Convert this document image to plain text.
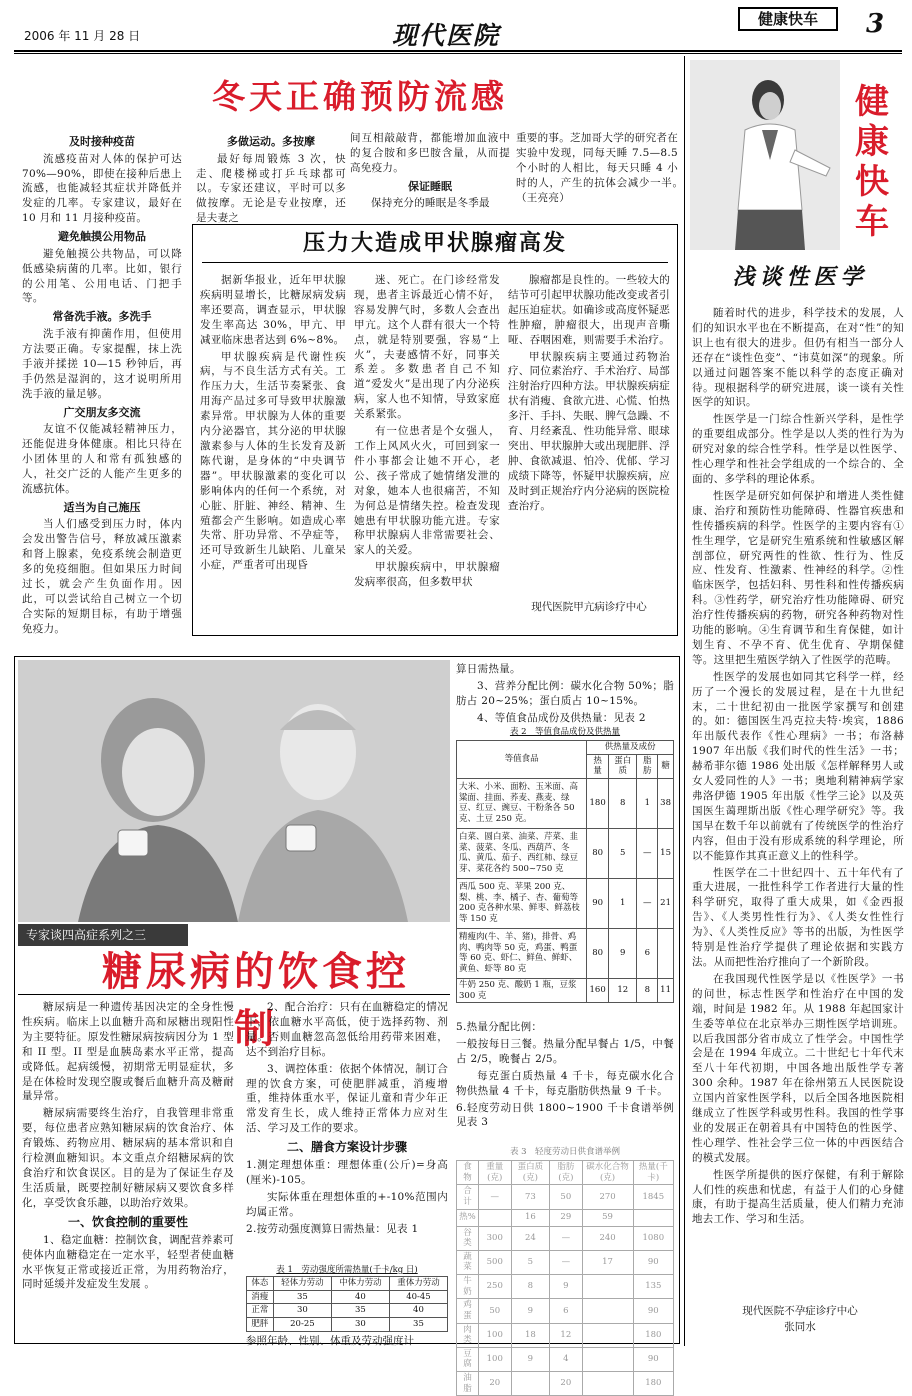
2006 年 11 月 28 日	现代医院
健康快车	3
冬天正确预防流感
及时接种疫苗

流感疫苗对人体的保护可达 70%—90%，即使在接种后患上流感，也能减轻其症状并降低并发症的几率。专家建议，最好在 10 月和 11 月接种疫苗。

避免触摸公用物品

避免触摸公共物品，可以降低感染病菌的几率。比如，银行的公用笔、公用电话、门把手等。

常备洗手液。多洗手

洗手液有抑菌作用，但使用方法要正确。专家提醒，抹上洗手液并揉搓 10—15 秒钟后，再手仍然是湿润的，这才说明所用洗手液的量足够。

广交朋友多交流

友谊不仅能减轻精神压力，还能促进身体健康。相比只待在小团体里的人和常有孤独感的人，社交广泛的人能产生更多的流感抗体。

适当为自己施压

当人们感受到压力时，体内会发出警告信号，释放减压激素和肾上腺素，免疫系统会制造更多的免疫细胞。但如果压力时间过长，就会产生负面作用。因此，可以尝试给自己树立一个切合实际的短期目标，有助于增强免疫力。

多做运动。多按摩

最好每周锻炼 3 次，快走、爬楼梯或打乒乓球都可以。专家还建议，平时可以多做按摩。无论是专业按摩，还是夫妻之

间互相敲敲背，都能增加血液中的复合胺和多巴胺含量，从而提高免疫力。

保证睡眠

保持充分的睡眠是冬季最

重要的事。芝加哥大学的研究者在实验中发现，同每天睡 7.5—8.5 个小时的人相比，每天只睡 4 小时的人，产生的抗体会减少一半。　（王亮亮）

压力大造成甲状腺瘤高发

据新华报业，近年甲状腺疾病明显增长，比糖尿病发病率还要高，调查显示，甲状腺发生率高达 30%，甲亢、甲减亚临床患者达到 6%~8%。

甲状腺疾病是代谢性疾病，与不良生活方式有关。工作压力大，生活节奏紧张、食用海产品过多可导致甲状腺激素异常。甲状腺为人体的重要内分泌器官，其分泌的甲状腺激素参与人体的生长发育及新陈代谢，是身体的“中央调节器”。甲状腺激素的变化可以影响体内的任何一个系统，对心脏、肝脏、神经、精神、生殖都会产生影响。如造成心率失常、肝功异常、不孕症等，还可导致新生儿缺陷、儿童呆小症，严重者可出现昏

迷、死亡。在门诊经常发现，患者主诉最近心情不好，容易发脾气时，多数人会查出甲亢。这个人群有很大一个特点，就是特别要强，容易“上火”，夫妻感情不好，同事关系差。多数患者自己不知道“爱发火”是出现了内分泌疾病，家人也不知情，导致家庭关系紧张。

有一位患者是个女强人，工作上风风火火，可回到家一件小事都会让她不开心，老公、孩子常成了她情绪发泄的对象，她本人也很痛苦，不知为何总是情绪失控。检查发现她患有甲状腺功能亢进。专家称甲状腺病人非常需要社会、家人的关爱。

甲状腺疾病中，甲状腺瘤发病率很高，但多数甲状

腺瘤都是良性的。一些较大的结节可引起甲状腺功能改变或者引起压迫症状。如确诊或高度怀疑恶性肿瘤，肿瘤很大，出现声音嘶哑、吞咽困难，则需要手术治疗。

甲状腺疾病主要通过药物治疗、同位素治疗、手术治疗、局部注射治疗四种方法。甲状腺疾病症状有消瘦、食欲亢进、心慌、怕热多汗、手抖、失眠、脾气急躁、不育、月经紊乱、性功能异常、眼球突出、甲状腺肿大或出现肥胖、浮肿、食欲减退、怕冷、优郁、学习成绩下降等，怀疑甲状腺疾病，应及时到正规治疗内分泌病的医院检查治疗。

现代医院甲亢病诊疗中心
健
康
快
车
浅谈性医学

随着时代的进步，科学技术的发展，人们的知识水平也在不断提高，在对“性”的知识上也有很大的进步。但仍有相当一部分人还存在“谈性色变”、“讳莫如深”的现象。所以通过问题答案不能以科学的态度正确对待。现根据科学的研究进展，谈一谈有关性医学的知识。

性医学是一门综合性新兴学科，是性学的重要组成部分。性学是以人类的性行为为研究对象的综合性学科。性学是以性医学、性心理学和性社会学组成的一个综合的、全面的、多学科的理论体系。

性医学是研究如何保护和增进人类性健康、治疗和预防性功能障碍、性器官疾患和性传播疾病的科学。性医学的主要内容有①性生理学，它是研究生殖系统和性敏感区解剖部位，研究两性的性欲、性行为、性反应、性发育、性激素、性神经的科学。②性临床医学，包括妇科、男性科和性传播疾病科。③性药学，研究治疗性功能障碍、研究治疗性传播疾病的药物，研究各种药物对性功能的影响。④生育调节和生育保健，如计划生育、不孕不育、优生优育、孕期保健等。这里把生殖医学纳入了性医学的范畴。

性医学的发展也如同其它科学一样，经历了一个漫长的发展过程，是在十九世纪末，二十世纪初由一批医学家撰写和创建的。如：德国医生冯克拉夫特·埃宾，1886 年出版代表作《性心理病》一书；布洛赫 1907 年出版《我们时代的性生活》一书；赫希菲尔德 1986 处出版《怎样解释男人或女人爱同性的人》一书；奥地利精神病学家弗洛伊德 1905 年出版《性学三论》以及英国医生蔼理斯出版《性心理学研究》等。我国早在数千年以前就有了传统医学的性治疗内容，但由于没有形成系统的科学理论，所以不能算作其真正意义上的性科学。

性医学在二十世纪四十、五十年代有了重大进展，一批性科学工作者进行大量的性科学研究，取得了重大成果，如《金西报告》、《人类男性性行为》、《人类女性性行为》、《人类性反应》等书的出版，为性医学特别是性治疗学提供了理论依据和实践方法。从而把性治疗推向了一个新阶段。

在我国现代性医学是以《性医学》一书的问世，标志性医学和性治疗在中国的发端，时间是 1982 年。从 1988 年起国家计生委等单位在北京举办三期性医学培训班。以后我国部分省市成立了性学会。中国性学会是在 1994 年成立。二十世纪七十年代末至八十年代初期，中国各地出版性学专著 300 余种。1987 年在徐州第五人民医院设立国内首家性医学科，以后全国各地医院相继成立了性医学科或男性科。我国的性学事业的发展正在朝着具有中国特色的性医学、性心理学、性社会学三位一体的中西医结合的模式发展。

性医学所提供的医疗保健，有利于解除人们性的疾患和忧虑，有益于人们的心身健康，有助于提高生活质量，使人们精力充沛地去工作、学习和生活。

现代医院不孕症诊疗中心
张同水
专家谈四高症系列之三
糖尿病的饮食控制

糖尿病是一种遗传基因决定的全身性慢性疾病。临床上以血糖升高和尿糖出现阳性为主要特征。原发性糖尿病按病因分为 1 型和 II 型。II 型是血胰岛素水平正常，提高或降低。起病缓慢，初期常无明显症状，多是在体检时发现空腹或餐后血糖升高及糖耐量异常。

糖尿病需要终生治疗，自我管理非常重要，每位患者应熟知糖尿病的饮食治疗、体育锻炼、药物应用、糖尿病的基本常识和自行检测血糖知识。本文重点介绍糖尿病的饮食治疗和饮食误区。目的是为了保证生存及生活质量，既要控制好糖尿病又要饮食多样化，享受饮食乐趣，以助治疗效果。

一、饮食控制的重要性

1、稳定血糖：控制饮食，调配营养素可使体内血糖稳定在一定水平，轻型者使血糖水平恢复正常或接近正常，为用药物治疗，同时延缓并发症发生发展 。

2、配合治疗：只有在血糖稳定的情况下，依血糖水平高低，使于选择药物、剂量。否则血糖忽高忽低给用药带来困难，达不到治疗目标。

3、调控体重：依据个体情况，制订合理的饮食方案，可使肥胖减重，消瘦增重，维持体重水平，保证儿童和青少年正常发育生长，成人维持正常体力应对生活、学习及工作的要求。

二、膳食方案设计步骤

1.测定理想体重：理想体重(公斤)=身高(厘米)-105。

实际体重在理想体重的+-10%范围内均属正常。

2.按劳动强度测算日需热量：见表 1

表 1　劳动强度所需热量(千卡/kg 日)
体态	轻体力劳动	中体力劳动	重体力劳动
消瘦	35	40	40-45
正常	30	35	40
肥胖	20-25	30	35
参照年龄、性别、体重及劳动强度计

算日需热量。

3、营养分配比例：碳水化合物 50%；脂肪占 20~25%；蛋白质占 10~15%。

4、等值食品成份及供热量：见表 2

表 2　等值食品成份及供热量
等值食品	供热量及成份			
	热量	蛋白质	脂肪	糖
大米、小米、面粉、玉米面、高粱面、挂面、荞麦、燕麦、绿豆、红豆、豌豆、干粉条各 50 克、土豆 250 克。	180	8	1	38
白菜、圆白菜、油菜、芹菜、韭菜、菠菜、冬瓜、西葫芦、冬瓜、黄瓜、茄子、西红柿、绿豆芽、菜花各约 500~750 克	80	5	—	15
西瓜 500 克、苹果 200 克、梨、桃、李、橘子、杏、葡萄等 200 克各种水果、鲜枣、鲜荔枝等 150 克	90	1	—	21
精瘦肉(牛、羊、猪)，排骨、鸡肉、鸭肉等 50 克，鸡蛋、鸭蛋等 60 克、虾仁、鲜鱼、鲜虾、黄鱼、虾等 80 克	80	9	6	
牛奶 250 克、酸奶 1 瓶，豆浆 300 克	160	12	8	11

5.热量分配比例：

一般按每日三餐。热量分配早餐占 1/5，中餐占 2/5，晚餐占 2/5。

每克蛋白质热量 4 千卡，每克碳水化合物供热量 4 千卡，每克脂肪供热量 9 千卡。

6.轻度劳动日供 1800~1900 千卡食谱举例见表 3

表 3　轻度劳动日供食谱举例
食物	重量(克)	蛋白质(克)	脂肪(克)	碳水化合物(克)	热量(千卡)
合计	—	73	50	270	1845
热%		16	29	59	
谷类	300	24	—	240	1080
蔬菜	500	5	—	17	90
牛奶	250	8	9		135
鸡蛋	50	9	6		90
肉类	100	18	12		180
豆腐	100	9	4		90
油脂	20		20		180
